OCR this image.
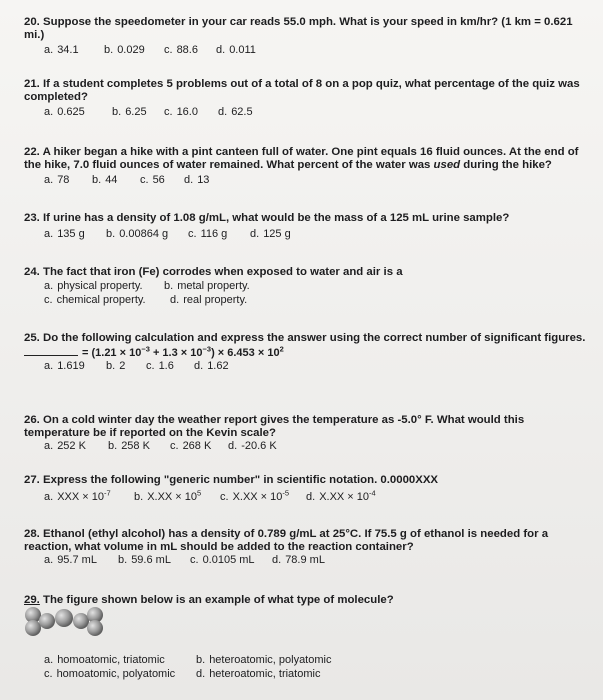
20. Suppose the speedometer in your car reads 55.0 mph. What is your speed in km/hr? (1 km = 0.621 mi.)
a. 34.1 b. 0.029 c. 88.6 d. 0.011
21. If a student completes 5 problems out of a total of 8 on a pop quiz, what percentage of the quiz was completed?
a. 0.625 b. 6.25 c. 16.0 d. 62.5
22. A hiker began a hike with a pint canteen full of water. One pint equals 16 fluid ounces. At the end of the hike, 7.0 fluid ounces of water remained. What percent of the water was used during the hike?
a. 78 b. 44 c. 56 d. 13
23. If urine has a density of 1.08 g/mL, what would be the mass of a 125 mL urine sample?
a. 135 g b. 0.00864 g c. 116 g d. 125 g
24. The fact that iron (Fe) corrodes when exposed to water and air is a
a. physical property. b. metal property.
c. chemical property. d. real property.
25. Do the following calculation and express the answer using the correct number of significant figures.
= $(1.21 \times 10^{-3} + 1.3 \times 10^{-3}) \times 6.453 \times 10^2$
a. 1.619 b. 2 c. 1.6 d. 1.62
26. On a cold winter day the weather report gives the temperature as -5.0° F. What would this temperature be if reported on the Kevin scale?
a. 252 K b. 258 K c. 268 K d. -20.6 K
27. Express the following "generic number" in scientific notation. 0.0000XXX
a. XXX × $10^{-7}$ b. $X.XX \times 10^5$ c. $X.XX \times 10^{-5}$ d. $X.XX \times 10^{-4}$
28. Ethanol (ethyl alcohol) has a density of 0.789 g/mL at 25°C. If 75.5 g of ethanol is needed for a reaction, what volume in mL should be added to the reaction container?
a. 95.7 mL b. 59.6 mL c. 0.0105 mL d. 78.9 mL
29. The figure shown below is an example of what type of molecule?
a. homoatomic, triatomic	b. heteroatomic, polyatomic
c. homoatomic, polyatomic d. heteroatomic, triatomic
